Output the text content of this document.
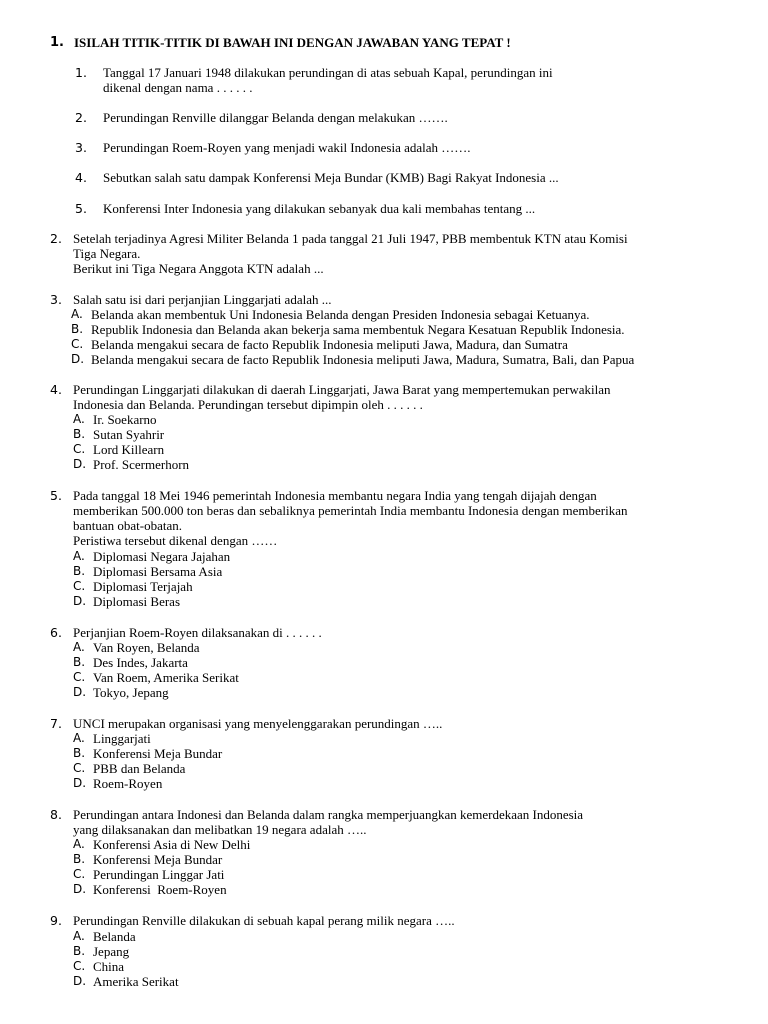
1. ISILAH TITIK-TITIK DI BAWAH INI DENGAN JAWABAN YANG TEPAT !
1. Tanggal 17 Januari 1948 dilakukan perundingan di atas sebuah Kapal, perundingan ini
dikenal dengan nama . . . . . .
2. Perundingan Renville dilanggar Belanda dengan melakukan …….
3. Perundingan Roem-Royen yang menjadi wakil Indonesia adalah …….
4. Sebutkan salah satu dampak Konferensi Meja Bundar (KMB) Bagi Rakyat Indonesia ...
5. Konferensi Inter Indonesia yang dilakukan sebanyak dua kali membahas tentang ...
2. Setelah terjadinya Agresi Militer Belanda 1 pada tanggal 21 Juli 1947, PBB membentuk KTN atau Komisi
Tiga Negara.
Berikut ini Tiga Negara Anggota KTN adalah ...
3. Salah satu isi dari perjanjian Linggarjati adalah ...
A. Belanda akan membentuk Uni Indonesia Belanda dengan Presiden Indonesia sebagai Ketuanya.
B. Republik Indonesia dan Belanda akan bekerja sama membentuk Negara Kesatuan Republik Indonesia.
C. Belanda mengakui secara de facto Republik Indonesia meliputi Jawa, Madura, dan Sumatra
D. Belanda mengakui secara de facto Republik Indonesia meliputi Jawa, Madura, Sumatra, Bali, dan Papua
4. Perundingan Linggarjati dilakukan di daerah Linggarjati, Jawa Barat yang mempertemukan perwakilan
Indonesia dan Belanda. Perundingan tersebut dipimpin oleh . . . . . .
A. Ir. Soekarno
B. Sutan Syahrir
C. Lord Killearn
D. Prof. Scermerhorn
5. Pada tanggal 18 Mei 1946 pemerintah Indonesia membantu negara India yang tengah dijajah dengan
memberikan 500.000 ton beras dan sebaliknya pemerintah India membantu Indonesia dengan memberikan
bantuan obat-obatan.
Peristiwa tersebut dikenal dengan ……
A. Diplomasi Negara Jajahan
B. Diplomasi Bersama Asia
C. Diplomasi Terjajah
D. Diplomasi Beras
6. Perjanjian Roem-Royen dilaksanakan di . . . . . .
A. Van Royen, Belanda
B. Des Indes, Jakarta
C. Van Roem, Amerika Serikat
D. Tokyo, Jepang
7. UNCI merupakan organisasi yang menyelenggarakan perundingan …..
A. Linggarjati
B. Konferensi Meja Bundar
C. PBB dan Belanda
D. Roem-Royen
8. Perundingan antara Indonesi dan Belanda dalam rangka memperjuangkan kemerdekaan Indonesia
yang dilaksanakan dan melibatkan 19 negara adalah …..
A. Konferensi Asia di New Delhi
B. Konferensi Meja Bundar
C. Perundingan Linggar Jati
D. Konferensi  Roem-Royen
9. Perundingan Renville dilakukan di sebuah kapal perang milik negara …..
A. Belanda
B. Jepang
C. China
D. Amerika Serikat
